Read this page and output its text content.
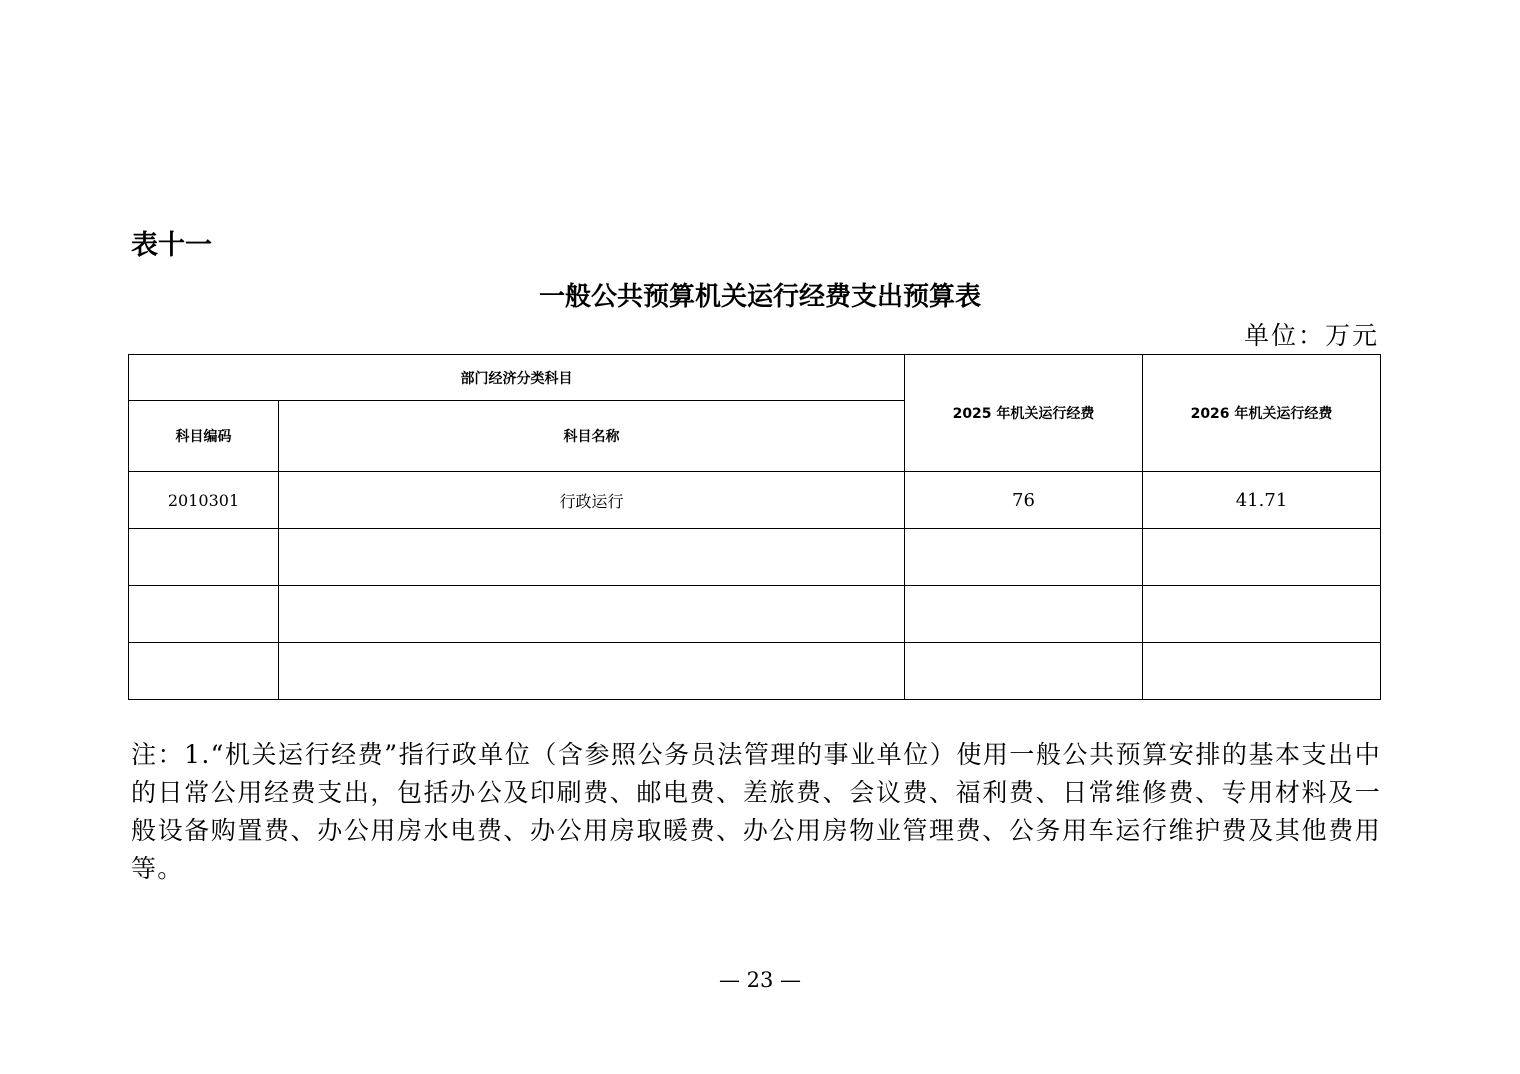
表十一
一般公共预算机关运行经费支出预算表
单位：万元
部门经济分类科目		2025 年机关运行经费	2026 年机关运行经费
科目编码	科目名称		
2010301	行政运行	76	41.71

注：1.“机关运行经费”指行政单位（含参照公务员法管理的事业单位）使用一般公共预算安排的基本支出中的日常公用经费支出，包括办公及印刷费、邮电费、差旅费、会议费、福利费、日常维修费、专用材料及一般设备购置费、办公用房水电费、办公用房取暖费、办公用房物业管理费、公务用车运行维护费及其他费用等。

— 23 —
